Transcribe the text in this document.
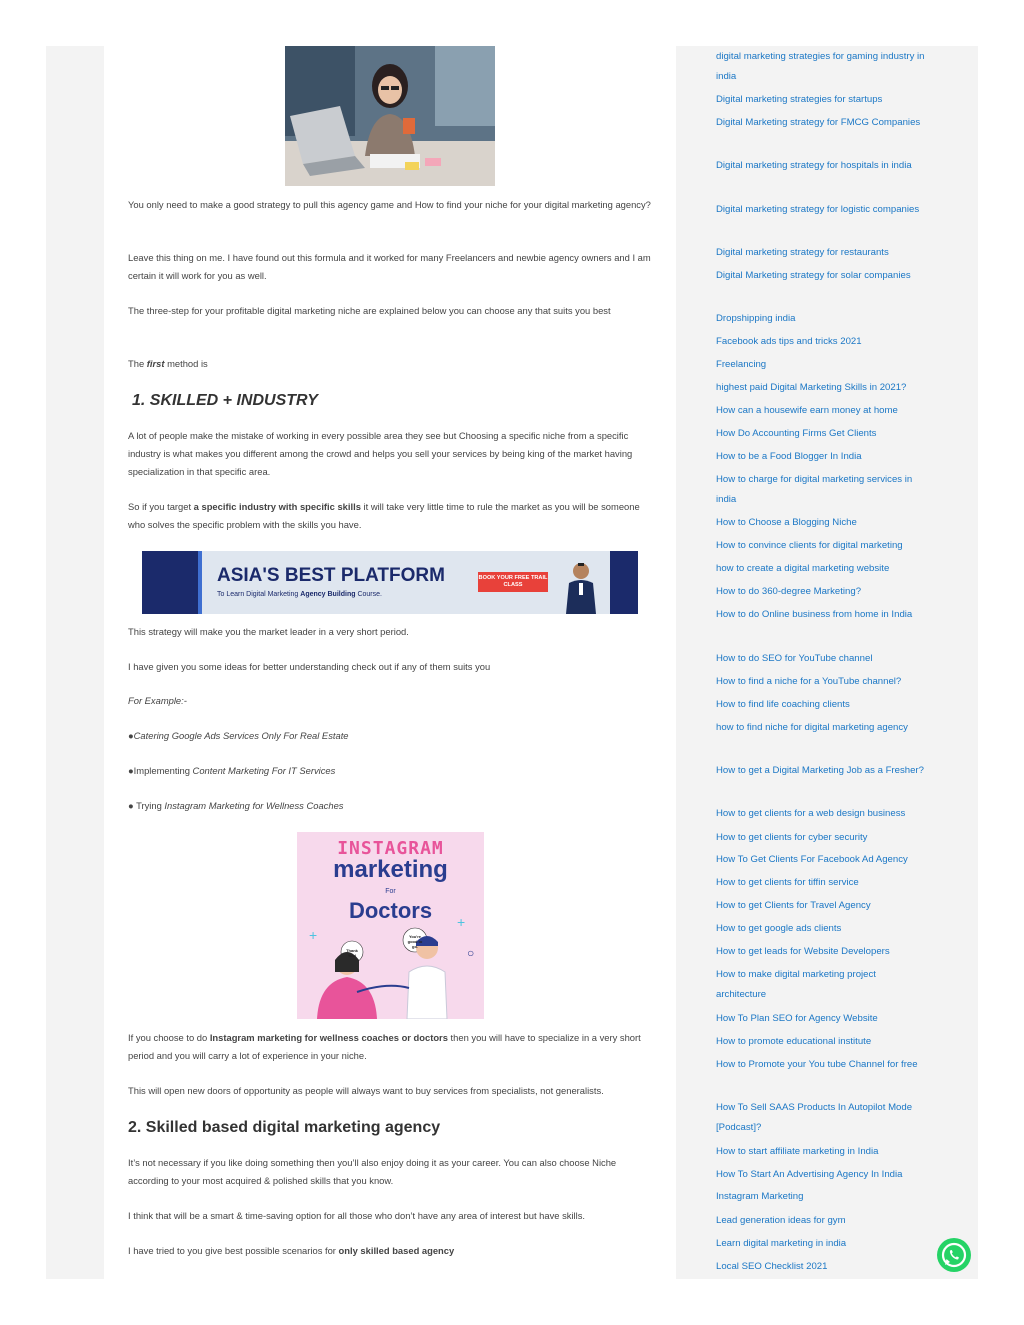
You only need to make a good strategy to pull this agency game and How to find your niche for your digital marketing agency?

Leave this thing on me. I have found out this formula and it worked for many Freelancers and newbie agency owners and I am certain it will work for you as well.

The three-step for your profitable digital marketing niche are explained below you can choose any that suits you best

The first method is

1. SKILLED + INDUSTRY

A lot of people make the mistake of working in every possible area they see but Choosing a specific niche from a specific industry is what makes you different among the crowd and helps you sell your services by being king of the market having specialization in that specific area.

So if you target a specific industry with specific skills it will take very little time to rule the market as you will be someone who solves the specific problem with the skills you have.

ASIA'S BEST PLATFORM
To Learn Digital Marketing Agency Building Course.
BOOK YOUR FREE TRAIL CLASS

This strategy will make you the market leader in a very short period.

I have given you some ideas for better understanding check out if any of them suits you

For Example:-

●Catering Google Ads Services Only For Real Estate

●Implementing Content Marketing For IT Services

● Trying Instagram Marketing for Wellness Coaches

INSTAGRAM
marketing
For
Doctors
○
+
+	You're good to go.
Thank You!

If you choose to do Instagram marketing for wellness coaches or doctors then you will have to specialize in a very short period and you will carry a lot of experience in your niche.

This will open new doors of opportunity as people will always want to buy services from specialists, not generalists.

2. Skilled based digital marketing agency

It’s not necessary if you like doing something then you’ll also enjoy doing it as your career. You can also choose Niche according to your most acquired & polished skills that you know.

I think that will be a smart & time-saving option for all those who don’t have any area of interest but have skills.

I have tried to you give best possible scenarios for only skilled based agency

digital marketing strategies for gaming industry in india
Digital marketing strategies for startups
Digital Marketing strategy for FMCG Companies
Digital marketing strategy for hospitals in india
Digital marketing strategy for logistic companies
Digital marketing strategy for restaurants
Digital Marketing strategy for solar companies
Dropshipping india
Facebook ads tips and tricks 2021
Freelancing
highest paid Digital Marketing Skills in 2021?
How can a housewife earn money at home
How Do Accounting Firms Get Clients
How to be a Food Blogger In India
How to charge for digital marketing services in india
How to Choose a Blogging Niche
How to convince clients for digital marketing
how to create a digital marketing website
How to do 360-degree Marketing?
How to do Online business from home in India
How to do SEO for YouTube channel
How to find a niche for a YouTube channel?
How to find life coaching clients
how to find niche for digital marketing agency
How to get a Digital Marketing Job as a Fresher?
How to get clients for a web design business
How to get clients for cyber security
How To Get Clients For Facebook Ad Agency
How to get clients for tiffin service
How to get Clients for Travel Agency
How to get google ads clients
How to get leads for Website Developers
How to make digital marketing project architecture
How To Plan SEO for Agency Website
How to promote educational institute
How to Promote your You tube Channel for free
How To Sell SAAS Products In Autopilot Mode [Podcast]?
How to start affiliate marketing in India
How To Start An Advertising Agency In India
Instagram Marketing
Lead generation ideas for gym
Learn digital marketing in india
Local SEO Checklist 2021
